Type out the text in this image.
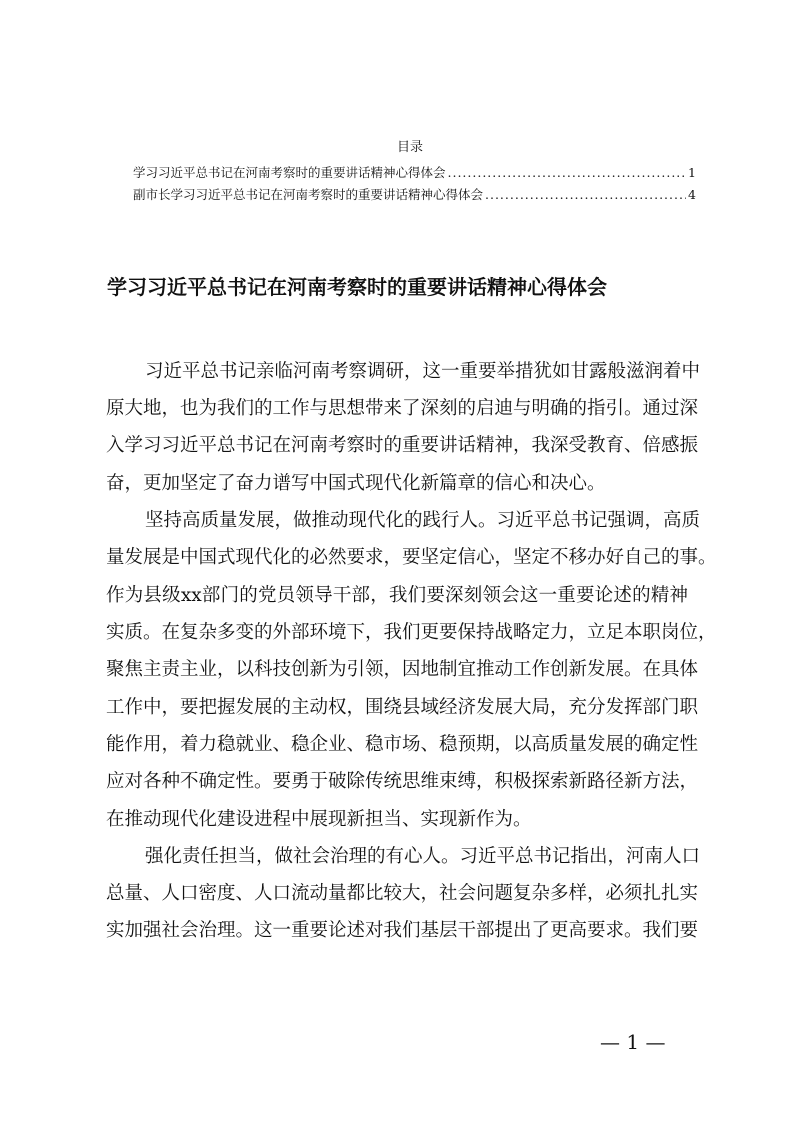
目录
学习习近平总书记在河南考察时的重要讲话精神心得体会 .....	1
副市长学习习近平总书记在河南考察时的重要讲话精神心得体会 .....	4
学习习近平总书记在河南考察时的重要讲话精神心得体会
习近平总书记亲临河南考察调研，这一重要举措犹如甘露般滋润着中
原大地，也为我们的工作与思想带来了深刻的启迪与明确的指引。通过深
入学习习近平总书记在河南考察时的重要讲话精神，我深受教育、倍感振
奋，更加坚定了奋力谱写中国式现代化新篇章的信心和决心。
坚持高质量发展，做推动现代化的践行人。习近平总书记强调，高质
量发展是中国式现代化的必然要求，要坚定信心，坚定不移办好自己的事。
作为县级xx部门的党员领导干部，我们要深刻领会这一重要论述的精神
实质。在复杂多变的外部环境下，我们更要保持战略定力，立足本职岗位，
聚焦主责主业，以科技创新为引领，因地制宜推动工作创新发展。在具体
工作中，要把握发展的主动权，围绕县域经济发展大局，充分发挥部门职
能作用，着力稳就业、稳企业、稳市场、稳预期，以高质量发展的确定性
应对各种不确定性。要勇于破除传统思维束缚，积极探索新路径新方法，
在推动现代化建设进程中展现新担当、实现新作为。
强化责任担当，做社会治理的有心人。习近平总书记指出，河南人口
总量、人口密度、人口流动量都比较大，社会问题复杂多样，必须扎扎实
实加强社会治理。这一重要论述对我们基层干部提出了更高要求。我们要
— 1 —
